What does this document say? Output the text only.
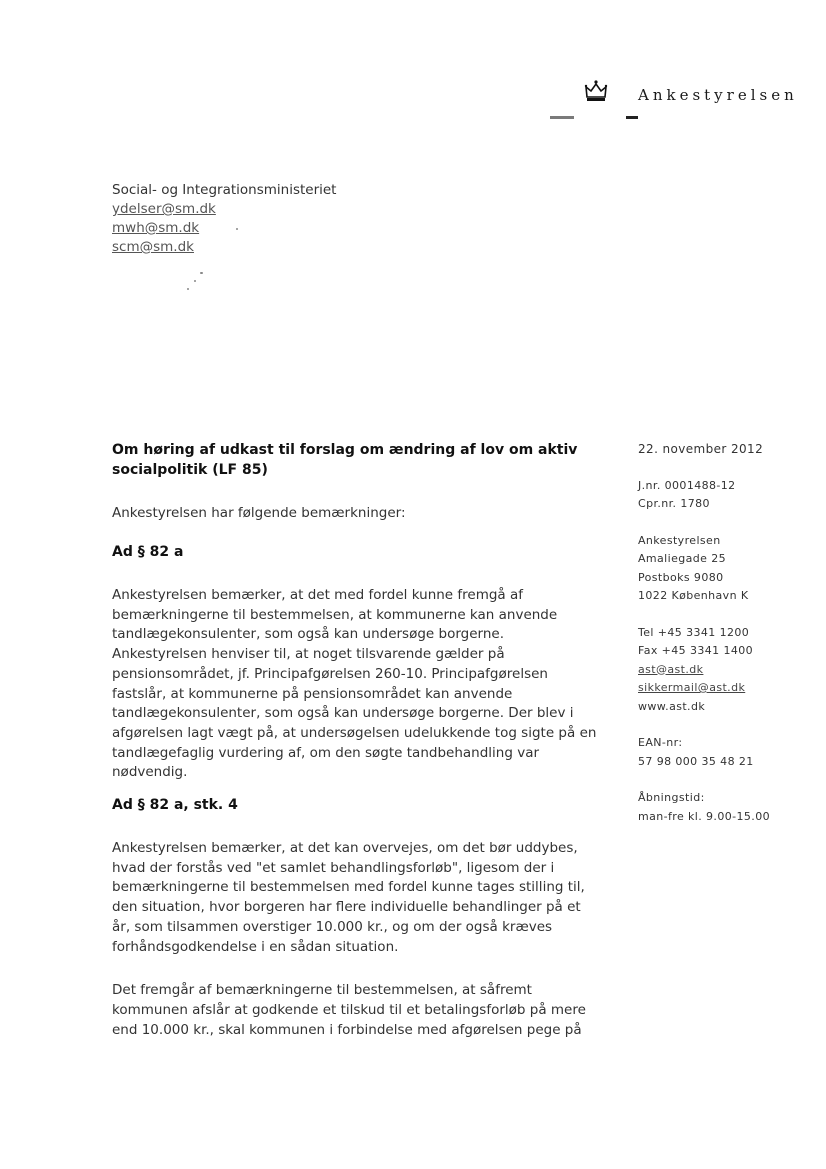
Ankestyrelsen
Social- og Integrationsministeriet
ydelser@sm.dk
mwh@sm.dk
scm@sm.dk

Om høring af udkast til forslag om ændring af lov om aktiv socialpolitik (LF 85)

Ankestyrelsen har følgende bemærkninger:

Ad § 82 a

Ankestyrelsen bemærker, at det med fordel kunne fremgå af bemærkningerne til bestemmelsen, at kommunerne kan anvende tandlægekonsulenter, som også kan undersøge borgerne. Ankestyrelsen henviser til, at noget tilsvarende gælder på pensionsområdet, jf. Principafgørelsen 260-10. Principafgørelsen fastslår, at kommunerne på pensionsområdet kan anvende tandlægekonsulenter, som også kan undersøge borgerne. Der blev i afgørelsen lagt vægt på, at undersøgelsen udelukkende tog sigte på en tandlægefaglig vurdering af, om den søgte tandbehandling var nødvendig.

Ad § 82 a, stk. 4

Ankestyrelsen bemærker, at det kan overvejes, om det bør uddybes, hvad der forstås ved "et samlet behandlingsforløb", ligesom der i bemærkningerne til bestemmelsen med fordel kunne tages stilling til, den situation, hvor borgeren har flere individuelle behandlinger på et år, som tilsammen overstiger 10.000 kr., og om der også kræves forhåndsgodkendelse i en sådan situation.

Det fremgår af bemærkningerne til bestemmelsen, at såfremt kommunen afslår at godkende et tilskud til et betalingsforløb på mere end 10.000 kr., skal kommunen i forbindelse med afgørelsen pege på

22. november 2012
J.nr. 0001488-12
Cpr.nr. 1780
Ankestyrelsen
Amaliegade 25
Postboks 9080
1022 København K
Tel +45 3341 1200
Fax +45 3341 1400
ast@ast.dk
sikkermail@ast.dk
www.ast.dk
EAN-nr:
57 98 000 35 48 21
Åbningstid:
man-fre kl. 9.00-15.00
